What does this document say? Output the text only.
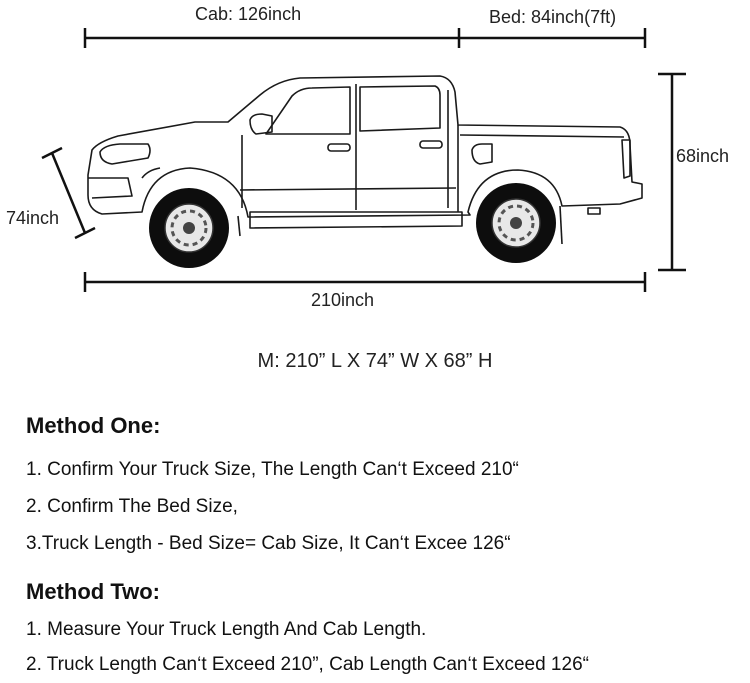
Cab: 126inch	Bed: 84inch(7ft)
68inch
74inch
210inch
M: 210” L X 74” W X 68” H
Method One:
1. Confirm Your Truck Size, The Length Can‘t Exceed 210“
2. Confirm The Bed Size,
3.Truck Length - Bed Size= Cab Size, It Can‘t Excee 126“
Method Two:
1. Measure Your Truck Length And Cab Length.
2. Truck Length Can‘t Exceed 210”, Cab Length Can‘t Exceed 126“
